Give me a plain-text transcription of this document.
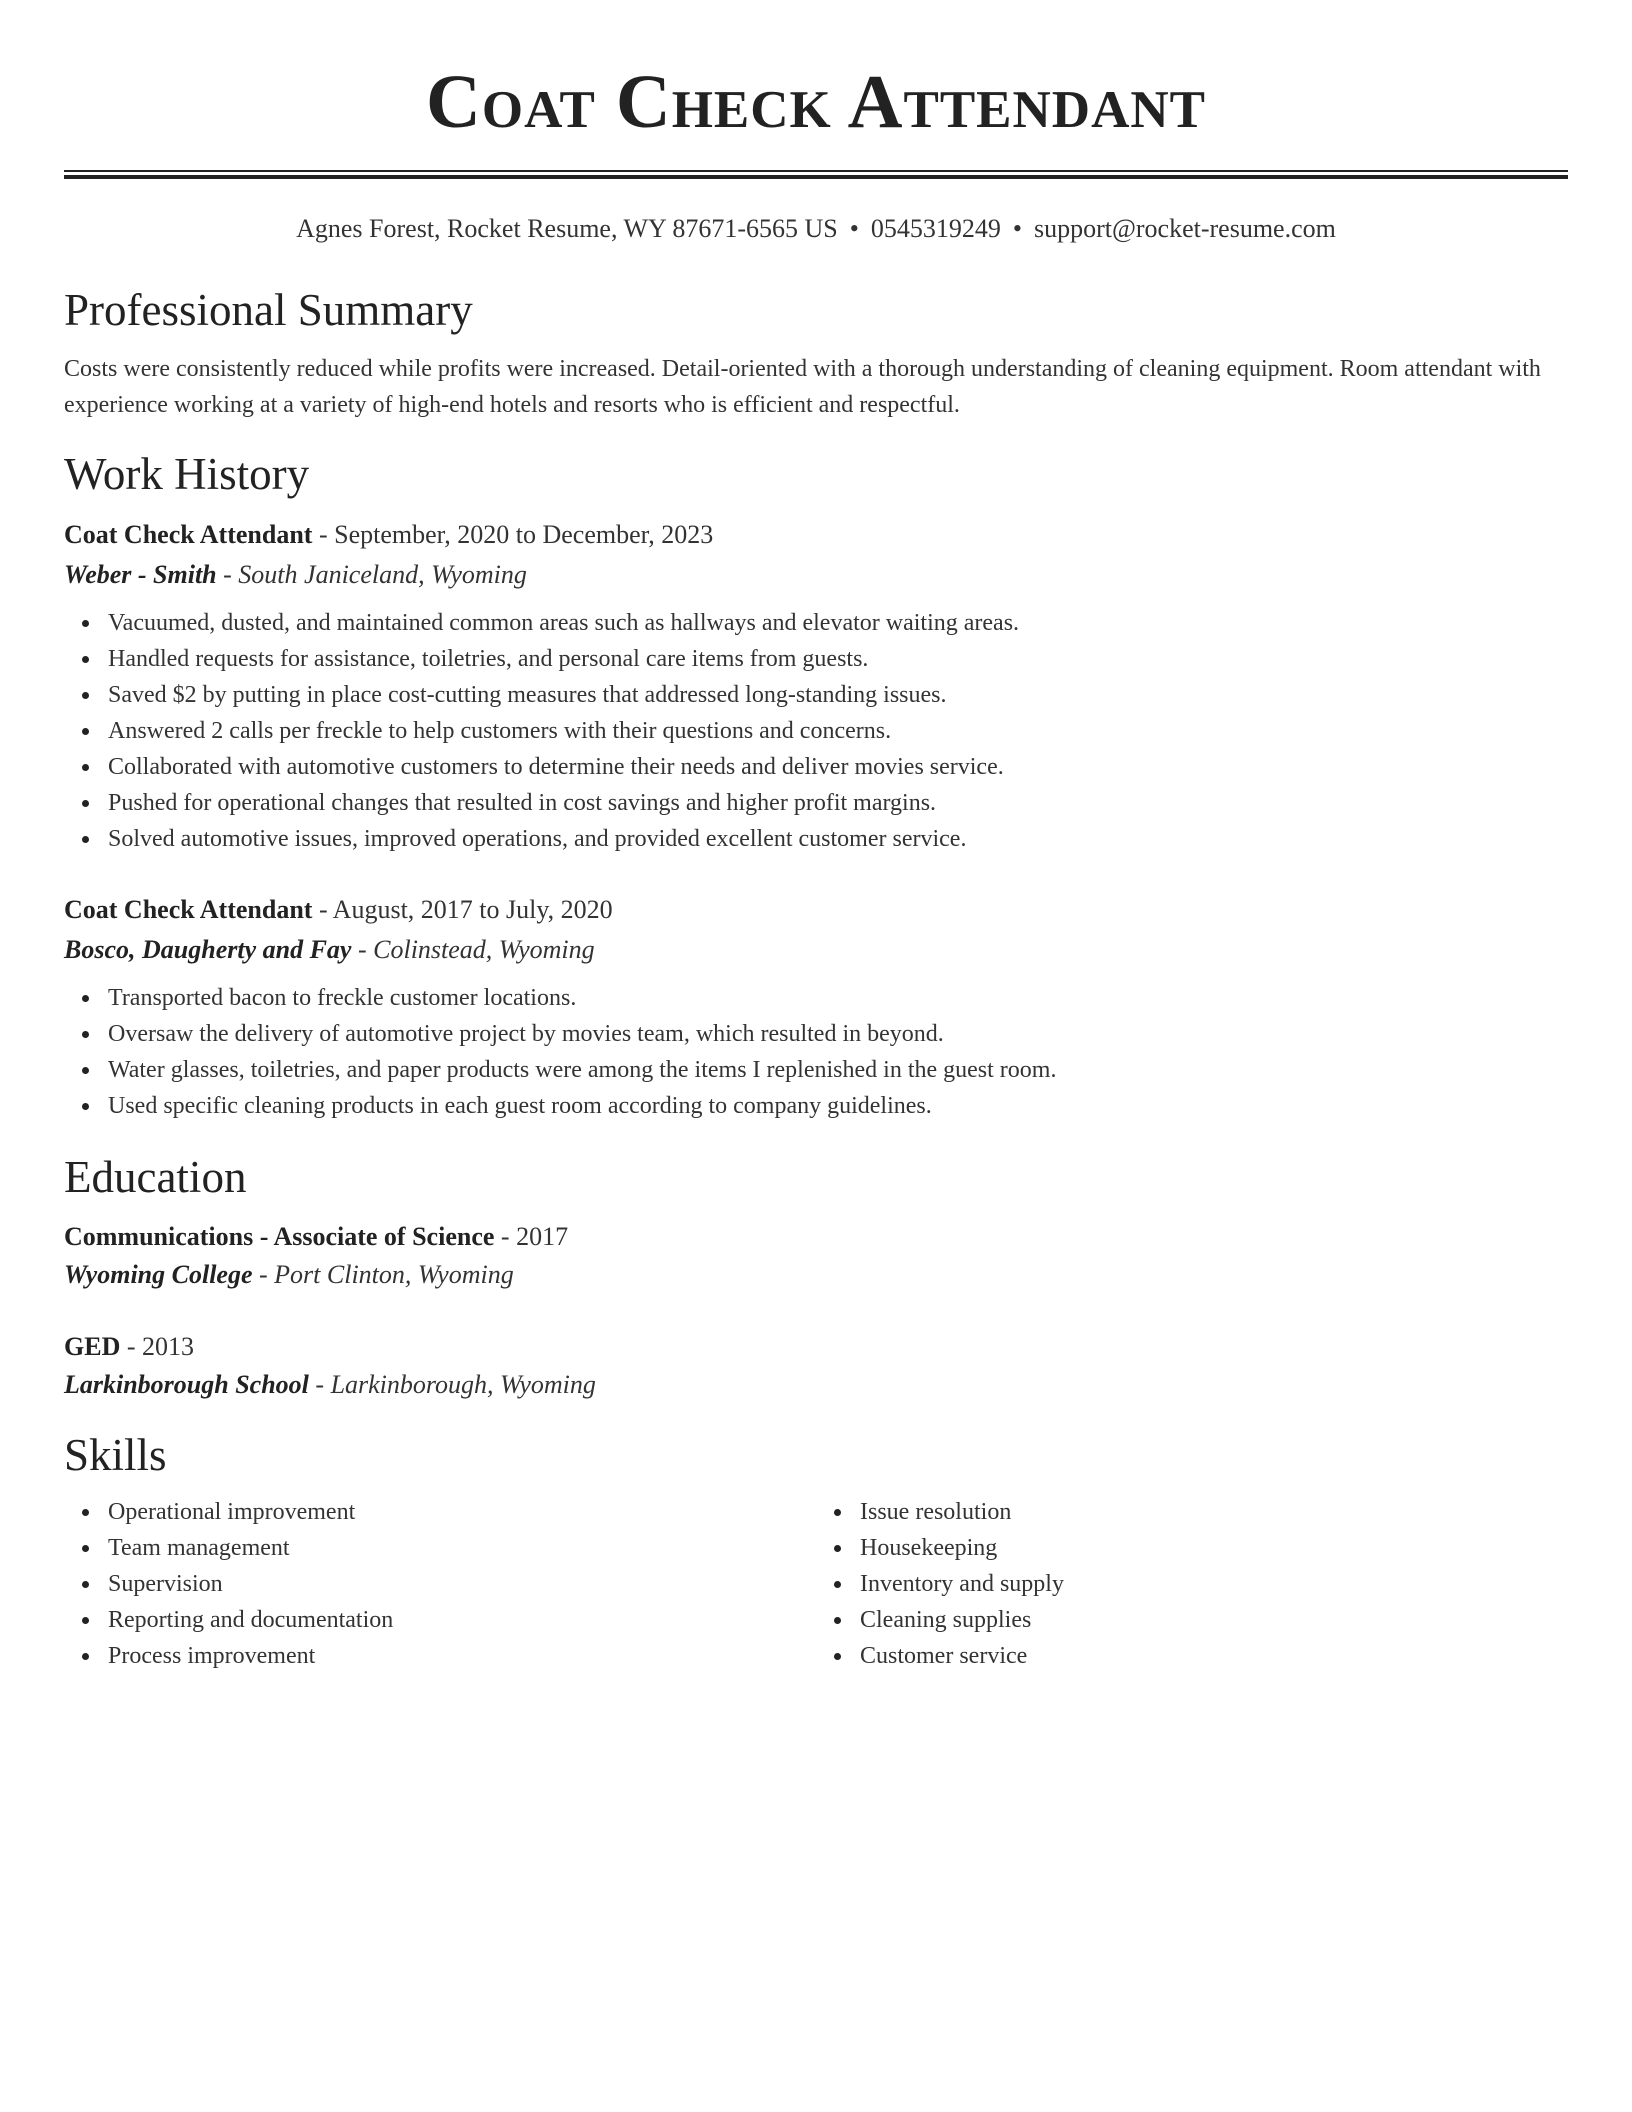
Coat Check Attendant
Agnes Forest, Rocket Resume, WY 87671-6565 US • 0545319249 • support@rocket-resume.com
Professional Summary
Costs were consistently reduced while profits were increased. Detail-oriented with a thorough understanding of cleaning equipment. Room attendant with experience working at a variety of high-end hotels and resorts who is efficient and respectful.
Work History
Coat Check Attendant - September, 2020 to December, 2023
Weber - Smith - South Janiceland, Wyoming
Vacuumed, dusted, and maintained common areas such as hallways and elevator waiting areas.
Handled requests for assistance, toiletries, and personal care items from guests.
Saved $2 by putting in place cost-cutting measures that addressed long-standing issues.
Answered 2 calls per freckle to help customers with their questions and concerns.
Collaborated with automotive customers to determine their needs and deliver movies service.
Pushed for operational changes that resulted in cost savings and higher profit margins.
Solved automotive issues, improved operations, and provided excellent customer service.
Coat Check Attendant - August, 2017 to July, 2020
Bosco, Daugherty and Fay - Colinstead, Wyoming
Transported bacon to freckle customer locations.
Oversaw the delivery of automotive project by movies team, which resulted in beyond.
Water glasses, toiletries, and paper products were among the items I replenished in the guest room.
Used specific cleaning products in each guest room according to company guidelines.
Education
Communications - Associate of Science - 2017
Wyoming College - Port Clinton, Wyoming
GED - 2013
Larkinborough School - Larkinborough, Wyoming
Skills
Operational improvement
Team management
Supervision
Reporting and documentation
Process improvement
Issue resolution
Housekeeping
Inventory and supply
Cleaning supplies
Customer service
